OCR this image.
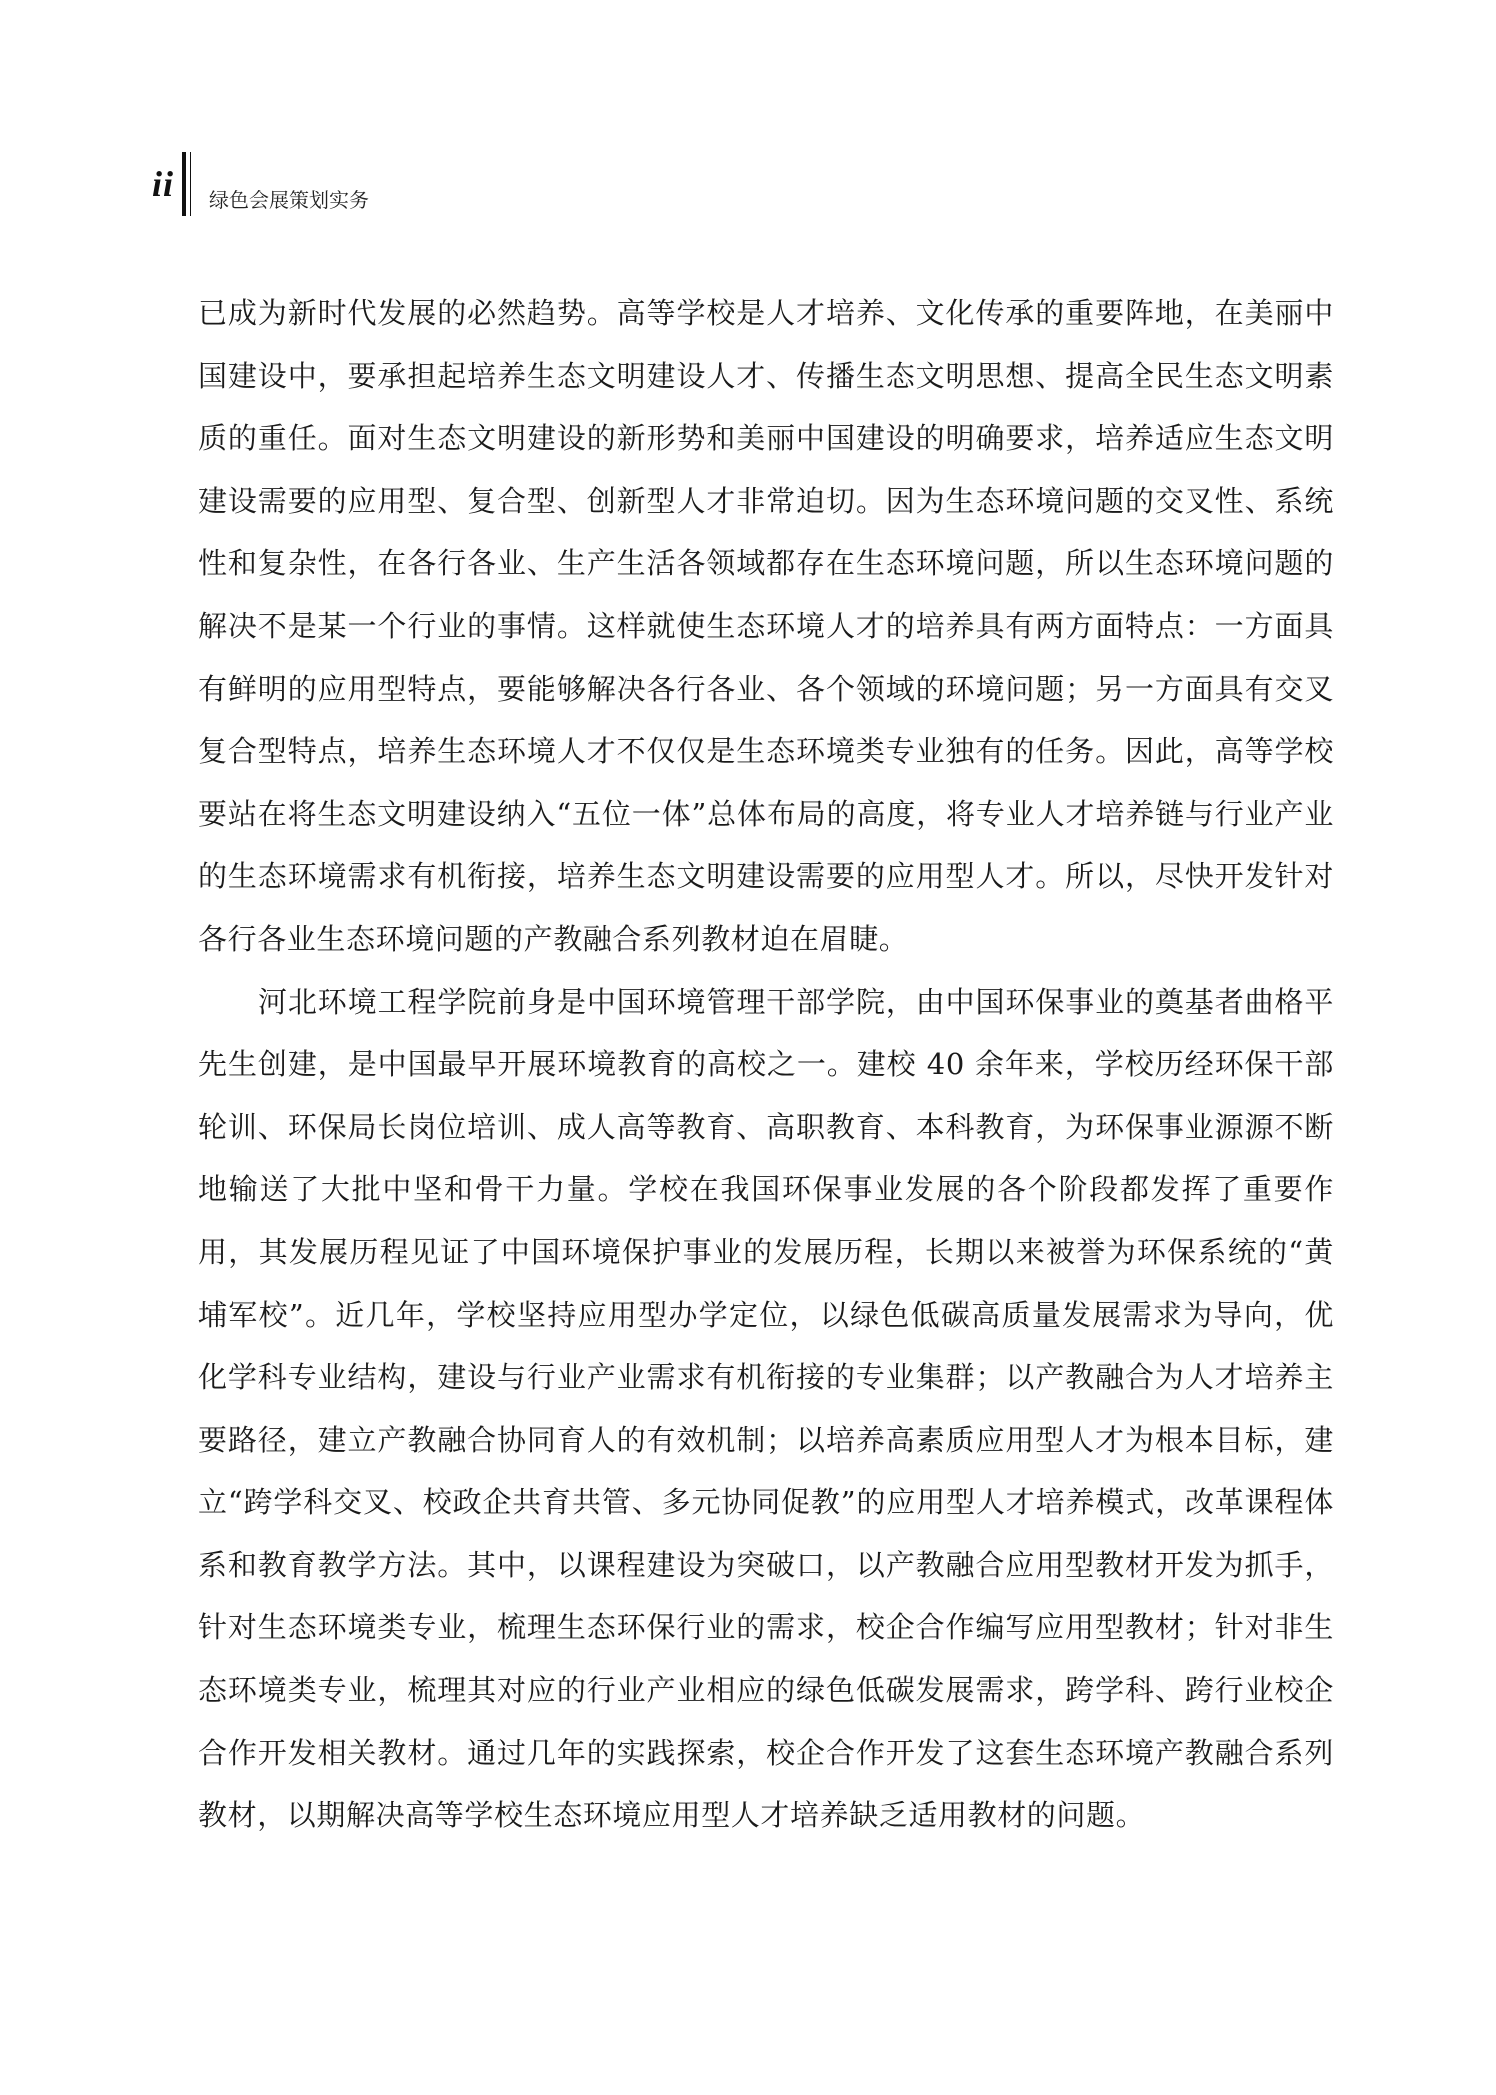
ii 绿色会展策划实务

已成为新时代发展的必然趋势。高等学校是人才培养、文化传承的重要阵地，在美丽中国建设中，要承担起培养生态文明建设人才、传播生态文明思想、提高全民生态文明素质的重任。面对生态文明建设的新形势和美丽中国建设的明确要求，培养适应生态文明建设需要的应用型、复合型、创新型人才非常迫切。因为生态环境问题的交叉性、系统性和复杂性，在各行各业、生产生活各领域都存在生态环境问题，所以生态环境问题的解决不是某一个行业的事情。这样就使生态环境人才的培养具有两方面特点：一方面具有鲜明的应用型特点，要能够解决各行各业、各个领域的环境问题；另一方面具有交叉复合型特点，培养生态环境人才不仅仅是生态环境类专业独有的任务。因此，高等学校要站在将生态文明建设纳入“五位一体”总体布局的高度，将专业人才培养链与行业产业的生态环境需求有机衔接，培养生态文明建设需要的应用型人才。所以，尽快开发针对各行各业生态环境问题的产教融合系列教材迫在眉睫。

河北环境工程学院前身是中国环境管理干部学院，由中国环保事业的奠基者曲格平先生创建，是中国最早开展环境教育的高校之一。建校 40 余年来，学校历经环保干部轮训、环保局长岗位培训、成人高等教育、高职教育、本科教育，为环保事业源源不断地输送了大批中坚和骨干力量。学校在我国环保事业发展的各个阶段都发挥了重要作用，其发展历程见证了中国环境保护事业的发展历程，长期以来被誉为环保系统的“黄埔军校”。近几年，学校坚持应用型办学定位，以绿色低碳高质量发展需求为导向，优化学科专业结构，建设与行业产业需求有机衔接的专业集群；以产教融合为人才培养主要路径，建立产教融合协同育人的有效机制；以培养高素质应用型人才为根本目标，建立“跨学科交叉、校政企共育共管、多元协同促教”的应用型人才培养模式，改革课程体系和教育教学方法。其中，以课程建设为突破口，以产教融合应用型教材开发为抓手，针对生态环境类专业，梳理生态环保行业的需求，校企合作编写应用型教材；针对非生态环境类专业，梳理其对应的行业产业相应的绿色低碳发展需求，跨学科、跨行业校企合作开发相关教材。通过几年的实践探索，校企合作开发了这套生态环境产教融合系列教材，以期解决高等学校生态环境应用型人才培养缺乏适用教材的问题。
